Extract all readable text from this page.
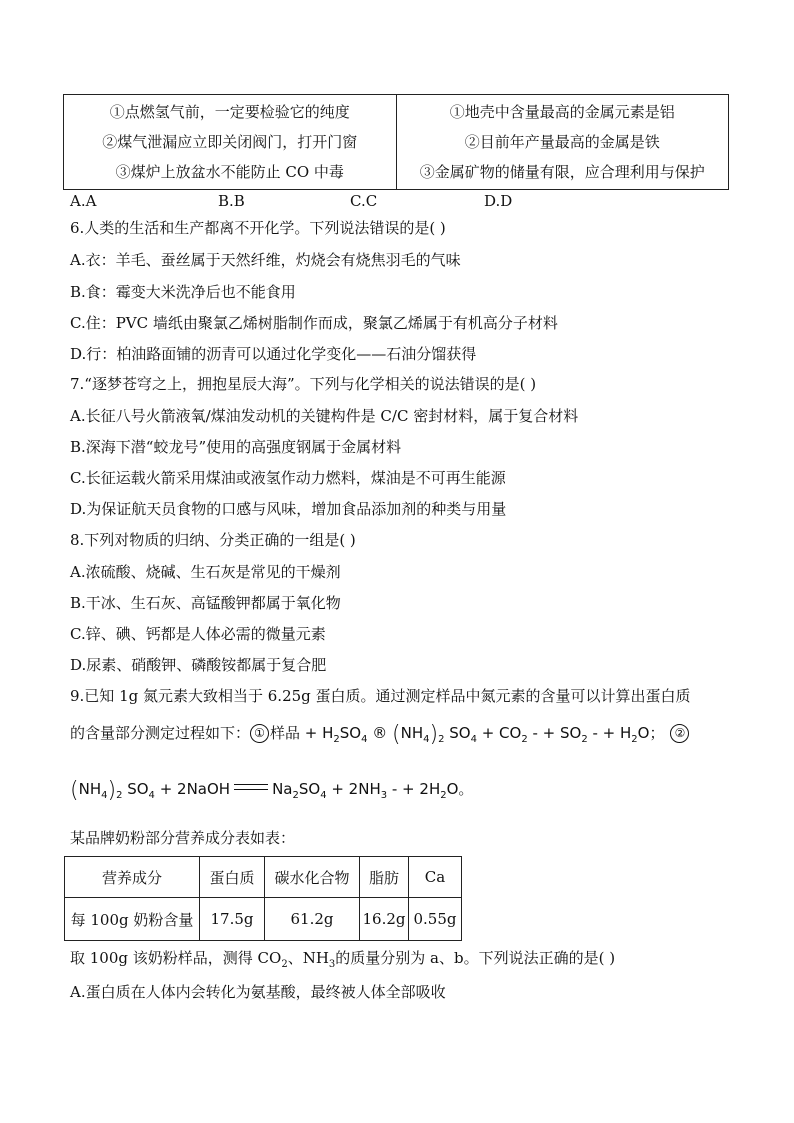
①点燃氢气前，一定要检验它的纯度
②煤气泄漏应立即关闭阀门，打开门窗
③煤炉上放盆水不能防止 CO 中毒
①地壳中含量最高的金属元素是铝
②目前年产量最高的金属是铁
③金属矿物的储量有限，应合理利用与保护
A.A	B.B	C.C	D.D
6.人类的生活和生产都离不开化学。下列说法错误的是( )
A.衣：羊毛、蚕丝属于天然纤维，灼烧会有烧焦羽毛的气味
B.食：霉变大米洗净后也不能食用
C.住：PVC 墙纸由聚氯乙烯树脂制作而成，聚氯乙烯属于有机高分子材料
D.行：柏油路面铺的沥青可以通过化学变化——石油分馏获得
7.“逐梦苍穹之上，拥抱星辰大海”。下列与化学相关的说法错误的是( )
A.长征八号火箭液氧/煤油发动机的关键构件是 C/C 密封材料，属于复合材料
B.深海下潜“蛟龙号”使用的高强度钢属于金属材料
C.长征运载火箭采用煤油或液氢作动力燃料，煤油是不可再生能源
D.为保证航天员食物的口感与风味，增加食品添加剂的种类与用量
8.下列对物质的归纳、分类正确的一组是( )
A.浓硫酸、烧碱、生石灰是常见的干燥剂
B.干冰、生石灰、高锰酸钾都属于氧化物
C.锌、碘、钙都是人体必需的微量元素
D.尿素、硝酸钾、磷酸铵都属于复合肥
9.已知 1g 氮元素大致相当于 6.25g 蛋白质。通过测定样品中氮元素的含量可以计算出蛋白质
的含量部分测定过程如下： ① 样品 + $H_2SO_4$ ® $(NH_4)_2$ $SO_4 + CO_2$ - + $SO_2$ - + $H_2O$； ②
$(NH_4)_2$ $SO_4$ + 2NaOH	$Na_2SO_4 + 2NH_3$ - + $2H_2O$。
某品牌奶粉部分营养成分表如表：
营养成分	蛋白质	碳水化合物	脂肪	Ca
每 100g 奶粉含量	17.5g	61.2g	16.2g	0.55g
取 100g 该奶粉样品，测得 $CO_2$、$NH_3$的质量分别为 a、b。下列说法正确的是( )
A.蛋白质在人体内会转化为氨基酸，最终被人体全部吸收
